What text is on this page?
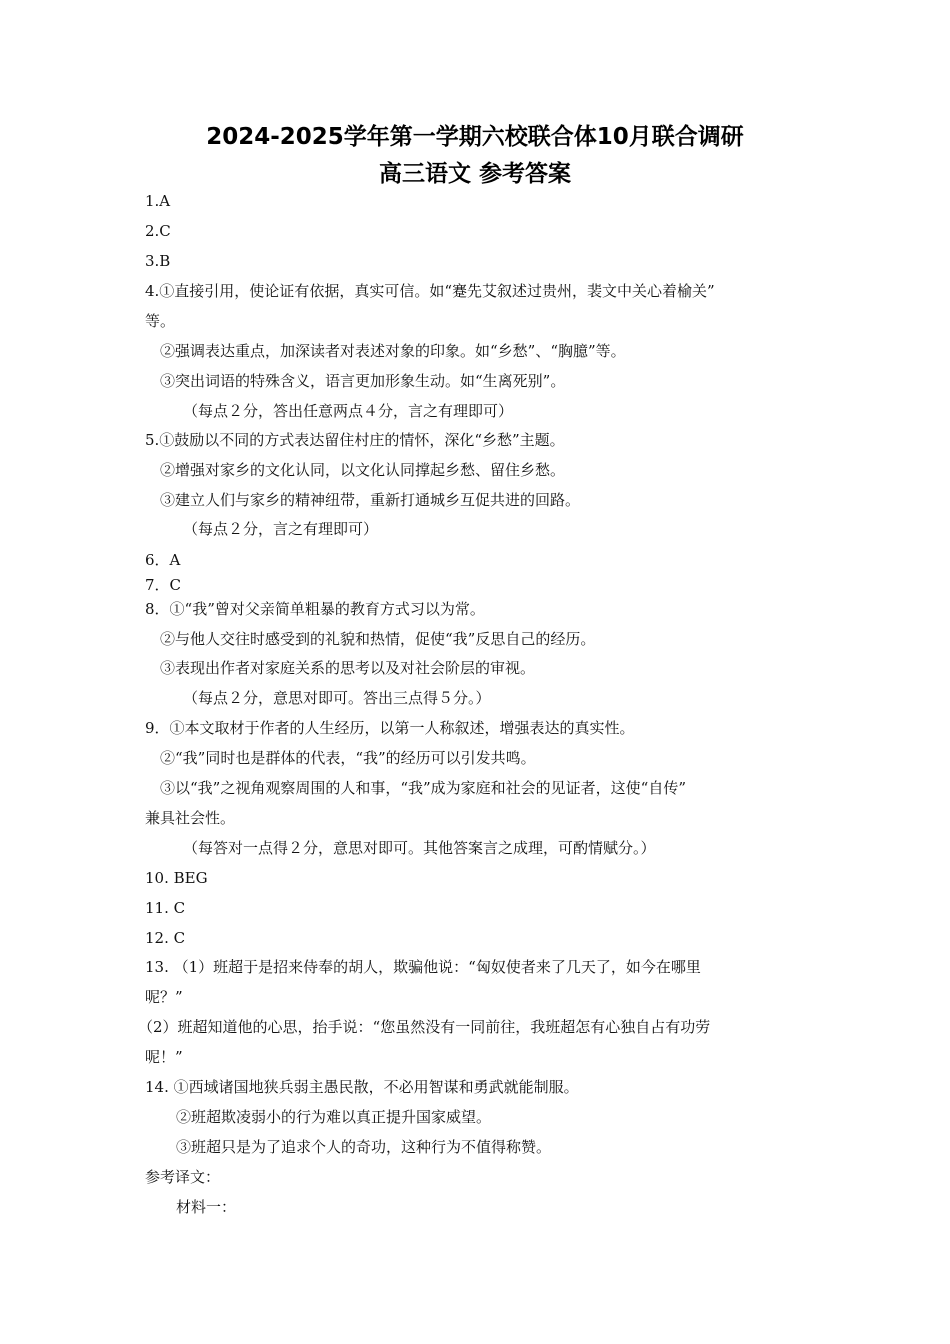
2024-2025学年第一学期六校联合体10月联合调研
高三语文 参考答案
1.A
2.C
3.B
4.①直接引用，使论证有依据，真实可信。如“蹇先艾叙述过贵州，裴文中关心着榆关”
等。
②强调表达重点，加深读者对表述对象的印象。如“乡愁”、“胸臆”等。
③突出词语的特殊含义，语言更加形象生动。如“生离死别”。
（每点２分，答出任意两点４分，言之有理即可）
5.①鼓励以不同的方式表达留住村庄的情怀，深化“乡愁”主题。
②增强对家乡的文化认同，以文化认同撑起乡愁、留住乡愁。
③建立人们与家乡的精神纽带，重新打通城乡互促共进的回路。
（每点２分，言之有理即可）
6．A
7．C
8．①“我”曾对父亲简单粗暴的教育方式习以为常。
②与他人交往时感受到的礼貌和热情，促使“我”反思自己的经历。
③表现出作者对家庭关系的思考以及对社会阶层的审视。
（每点２分，意思对即可。答出三点得５分。）
9．①本文取材于作者的人生经历，以第一人称叙述，增强表达的真实性。
②“我”同时也是群体的代表，“我”的经历可以引发共鸣。
③以“我”之视角观察周围的人和事，“我”成为家庭和社会的见证者，这使“自传”
兼具社会性。
（每答对一点得２分，意思对即可。其他答案言之成理，可酌情赋分。）
10. BEG
11. C
12. C
13. （1）班超于是招来侍奉的胡人，欺骗他说：“匈奴使者来了几天了，如今在哪里
呢？”
（2）班超知道他的心思，抬手说：“您虽然没有一同前往，我班超怎有心独自占有功劳
呢！”
14. ①西域诸国地狭兵弱主愚民散，不必用智谋和勇武就能制服。
②班超欺凌弱小的行为难以真正提升国家威望。
③班超只是为了追求个人的奇功，这种行为不值得称赞。
参考译文：
材料一：
